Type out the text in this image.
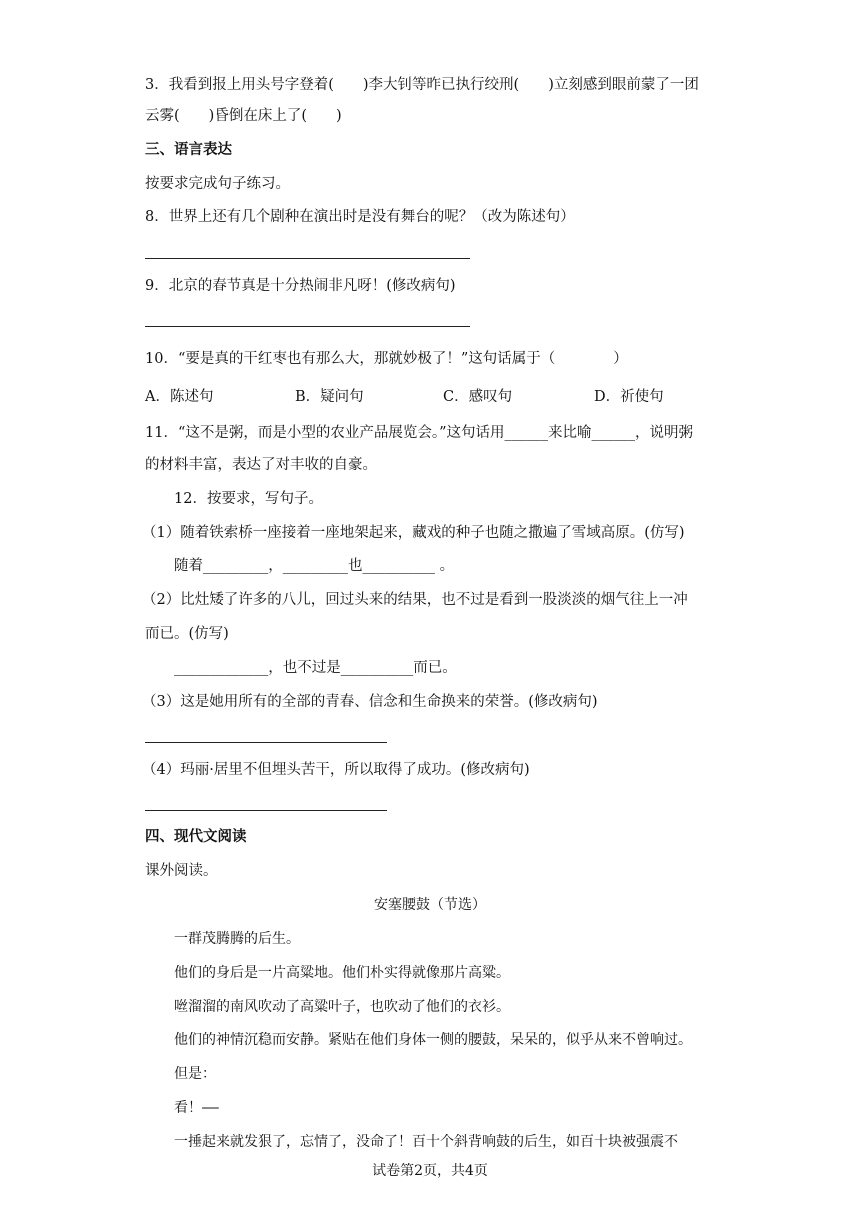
3．我看到报上用头号字登着(　　)李大钊等昨已执行绞刑(　　)立刻感到眼前蒙了一团
云雾(　　)昏倒在床上了(　　)
三、语言表达
按要求完成句子练习。
8．世界上还有几个剧种在演出时是没有舞台的呢？（改为陈述句）
9．北京的春节真是十分热闹非凡呀！(修改病句)
10．“要是真的干红枣也有那么大，那就妙极了！”这句话属于（　　　　）
A．陈述句	B．疑问句	C．感叹句	D．祈使句
11．“这不是粥，而是小型的农业产品展览会。”这句话用______来比喻______，说明粥
的材料丰富，表达了对丰收的自豪。
12．按要求，写句子。
（1）随着铁索桥一座接着一座地架起来，藏戏的种子也随之撒遍了雪域高原。(仿写)
随着_________，_________也__________ 。
（2）比灶矮了许多的八儿，回过头来的结果，也不过是看到一股淡淡的烟气往上一冲
而已。(仿写)
_____________，也不过是__________而已。
（3）这是她用所有的全部的青春、信念和生命换来的荣誉。(修改病句)
（4）玛丽·居里不但埋头苦干，所以取得了成功。(修改病句)
四、现代文阅读
课外阅读。
安塞腰鼓（节选）
一群茂腾腾的后生。
他们的身后是一片高粱地。他们朴实得就像那片高粱。
咝溜溜的南风吹动了高粱叶子，也吹动了他们的衣衫。
他们的神情沉稳而安静。紧贴在他们身体一侧的腰鼓，呆呆的，似乎从来不曾响过。
但是：
看！——
一捶起来就发狠了，忘情了，没命了！百十个斜背响鼓的后生，如百十块被强震不
试卷第2页，共4页
